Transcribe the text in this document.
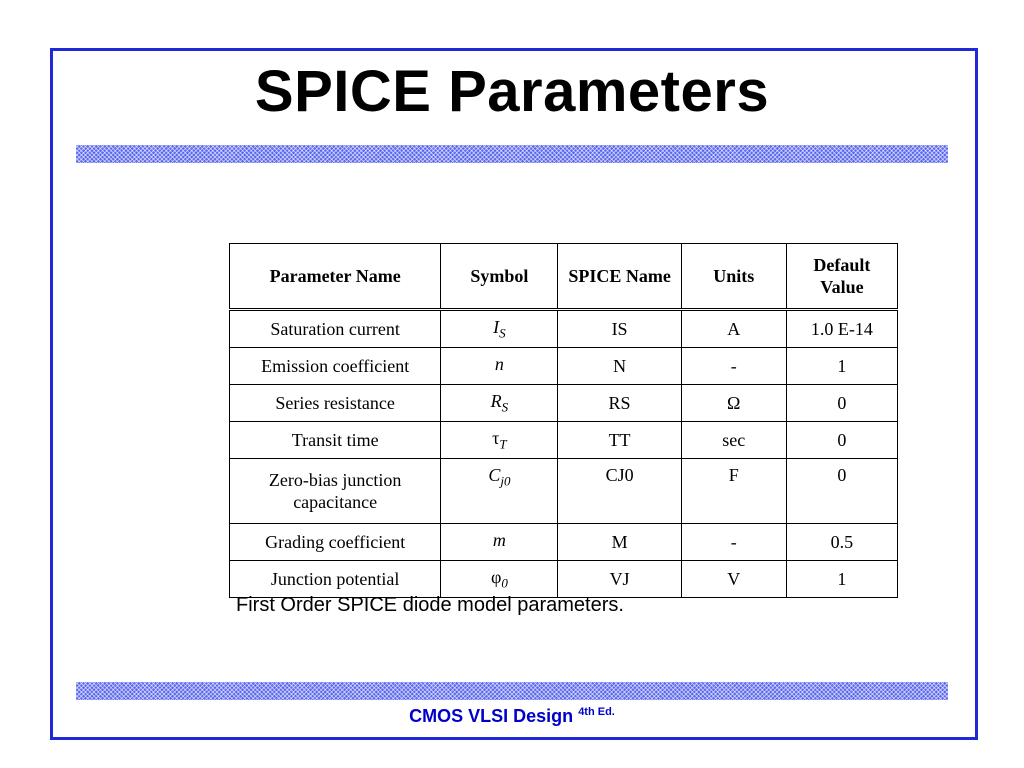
SPICE Parameters
Parameter Name	Symbol	SPICE Name	Units	Default Value
Saturation current	$I_S$	IS	A	1.0 E-14
Emission coefficient	n	N	-	1
Series resistance	$R_S$	RS	Ω	0
Transit time	$\tau_T$	TT	sec	0
Zero-bias junction capacitance	$C_{j0}$	CJ0	F	0
Grading coefficient	m	M	-	0.5
Junction potential	$\varphi_0$	VJ	V	1
First Order SPICE diode model parameters.
CMOS VLSI Design $^{4th Ed.}$
